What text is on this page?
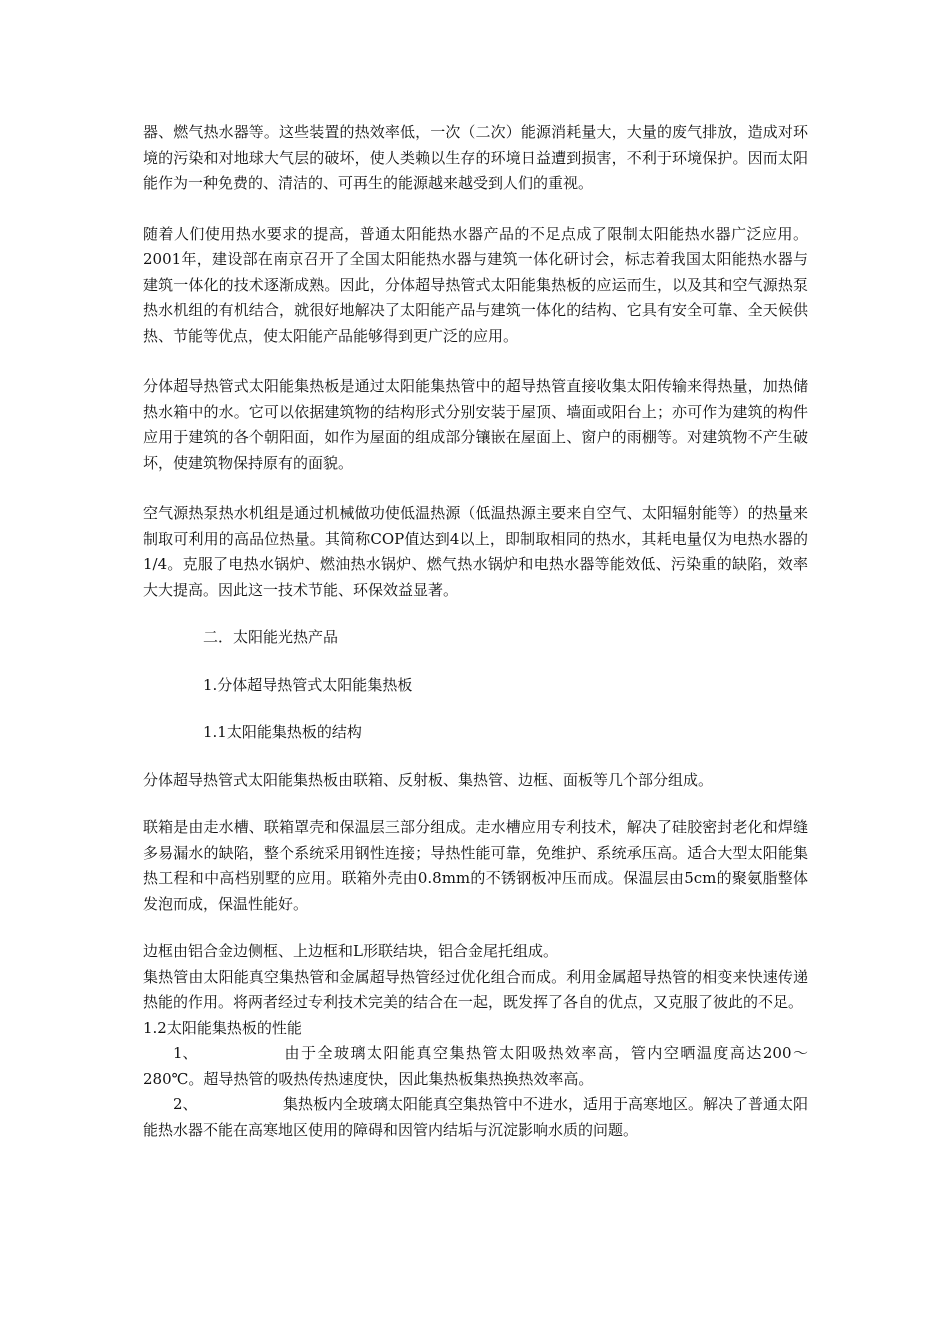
器、燃气热水器等。这些装置的热效率低，一次（二次）能源消耗量大，大量的废气排放，造成对环境的污染和对地球大气层的破坏，使人类赖以生存的环境日益遭到损害，不利于环境保护。因而太阳能作为一种免费的、清洁的、可再生的能源越来越受到人们的重视。

随着人们使用热水要求的提高，普通太阳能热水器产品的不足点成了限制太阳能热水器广泛应用。2001年，建设部在南京召开了全国太阳能热水器与建筑一体化研讨会，标志着我国太阳能热水器与建筑一体化的技术逐渐成熟。因此，分体超导热管式太阳能集热板的应运而生，以及其和空气源热泵热水机组的有机结合，就很好地解决了太阳能产品与建筑一体化的结构、它具有安全可靠、全天候供热、节能等优点，使太阳能产品能够得到更广泛的应用。

分体超导热管式太阳能集热板是通过太阳能集热管中的超导热管直接收集太阳传输来得热量，加热储热水箱中的水。它可以依据建筑物的结构形式分别安装于屋顶、墙面或阳台上；亦可作为建筑的构件应用于建筑的各个朝阳面，如作为屋面的组成部分镶嵌在屋面上、窗户的雨棚等。对建筑物不产生破坏，使建筑物保持原有的面貌。

空气源热泵热水机组是通过机械做功使低温热源（低温热源主要来自空气、太阳辐射能等）的热量来制取可利用的高品位热量。其简称COP值达到4以上，即制取相同的热水，其耗电量仅为电热水器的1/4。克服了电热水锅炉、燃油热水锅炉、燃气热水锅炉和电热水器等能效低、污染重的缺陷，效率大大提高。因此这一技术节能、环保效益显著。

二．太阳能光热产品

1.分体超导热管式太阳能集热板

1.1太阳能集热板的结构

分体超导热管式太阳能集热板由联箱、反射板、集热管、边框、面板等几个部分组成。

联箱是由走水槽、联箱罩壳和保温层三部分组成。走水槽应用专利技术，解决了硅胶密封老化和焊缝多易漏水的缺陷，整个系统采用钢性连接；导热性能可靠，免维护、系统承压高。适合大型太阳能集热工程和中高档别墅的应用。联箱外壳由0.8mm的不锈钢板冲压而成。保温层由5cm的聚氨脂整体发泡而成，保温性能好。

边框由铝合金边侧框、上边框和L形联结块，铝合金尾托组成。

集热管由太阳能真空集热管和金属超导热管经过优化组合而成。利用金属超导热管的相变来快速传递热能的作用。将两者经过专利技术完美的结合在一起，既发挥了各自的优点，又克服了彼此的不足。

1.2太阳能集热板的性能

1、	由于全玻璃太阳能真空集热管太阳吸热效率高，管内空晒温度高达200～280℃。超导热管的吸热传热速度快，因此集热板集热换热效率高。

2、	集热板内全玻璃太阳能真空集热管中不进水，适用于高寒地区。解决了普通太阳能热水器不能在高寒地区使用的障碍和因管内结垢与沉淀影响水质的问题。
